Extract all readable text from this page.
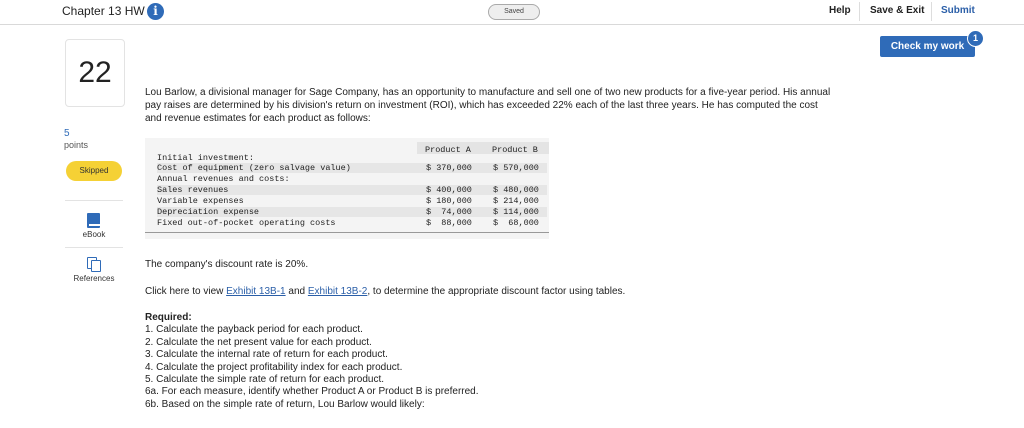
Chapter 13 HW i	Saved	Help Save & Exit Submit
Check my work
1
22
5
points
Skipped
eBook
References
Lou Barlow, a divisional manager for Sage Company, has an opportunity to manufacture and sell one of two new products for a five-year period. His annual pay raises are determined by his division's return on investment (ROI), which has exceeded 22% each of the last three years. He has computed the cost and revenue estimates for each product as follows:
Product A Product B
Initial investment:
Cost of equipment (zero salvage value)	$ 370,000 $ 570,000
Annual revenues and costs:
Sales revenues	$ 400,000 $ 480,000
Variable expenses	$ 180,000 $ 214,000
Depreciation expense	$  74,000 $ 114,000
Fixed out-of-pocket operating costs	$  88,000 $  68,000
The company's discount rate is 20%.
Click here to view Exhibit 13B-1 and Exhibit 13B-2, to determine the appropriate discount factor using tables.
Required:
1. Calculate the payback period for each product.
2. Calculate the net present value for each product.
3. Calculate the internal rate of return for each product.
4. Calculate the project profitability index for each product.
5. Calculate the simple rate of return for each product.
6a. For each measure, identify whether Product A or Product B is preferred.
6b. Based on the simple rate of return, Lou Barlow would likely:
